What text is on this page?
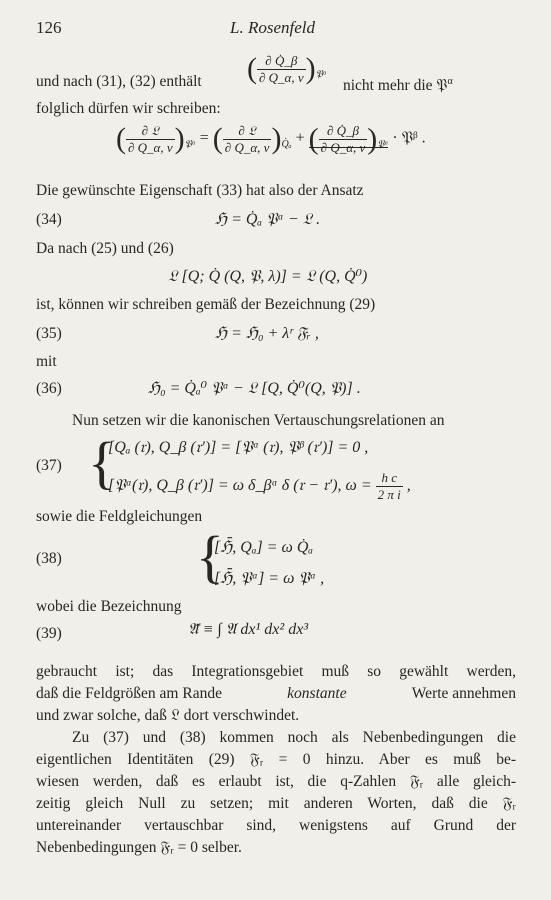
126	L. Rosenfeld
und nach (31), (32) enthält ( $\frac{\partial Q̇\_\beta}{\partial Q\_\alpha, \nu} )_{𝔓ᵅ}$
nicht mehr die 𝔓$^\alpha$
folglich dürfen wir schreiben:
( $\frac{\text{∂ 𝔏}}{\partial Q\_\alpha, \nu} )_{𝔓ᵅ}$ = ( $\frac{\text{∂ 𝔏}}{\partial Q\_\alpha, \nu} )_{Q̇_a}$ + ( $\frac{\partial Q̇\_\beta}{\partial Q\_\alpha, \nu} )_{𝔓ᵅ}$ · 𝔓ᵝ .
Die gewünschte Eigenschaft (33) hat also der Ansatz
(34)	ℌ = Q̇ₐ 𝔓ᵅ − 𝔏 .
Da nach (25) und (26)
𝔏 [Q; Q̇ (Q, 𝔓, λ)] = 𝔏 (Q, Q̇⁰)
ist, können wir schreiben gemäß der Bezeichnung (29)
(35)	ℌ = ℌ₀ + λʳ 𝔉ᵣ ,
mit
(36)	ℌ₀ = Q̇ₐ⁰ 𝔓ᵅ − 𝔏 [Q, Q̇⁰(Q, 𝔓)] .
Nun setzen wir die kanonischen Vertauschungsrelationen an
(37) {
[Qₐ (𝔯), Q_β (𝔯′)] = [𝔓ᵅ (𝔯), 𝔓ᵝ (𝔯′)] = 0 ,
[𝔓ᵅ(𝔯), Q_β (𝔯′)] = ω δ_βᵅ δ (𝔯 − 𝔯′), $\omega = \frac{\text{h c}}{\text{2 π i}}$ ,
sowie die Feldgleichungen
(38) {
[ℌ̄, Qₐ] = ω Q̇ₐ
[ℌ̄, 𝔓ᵅ] = ω 𝔓̇ᵅ ,
wobei die Bezeichnung
(39)	𝔄̄ ≡ ∫ 𝔄 dx¹ dx² dx³
gebraucht ist; das Integrationsgebiet muß so gewählt werden,
daß die Feldgrößen am Rande	konstante	Werte annehmen
und zwar solche, daß 𝔏 dort verschwindet.
Zu (37) und (38) kommen noch als Nebenbedingungen die
eigentlichen Identitäten (29) 𝔉ᵣ = 0 hinzu. Aber es muß be-
wiesen werden, daß es erlaubt ist, die q-Zahlen 𝔉ᵣ alle gleich-
zeitig gleich Null zu setzen; mit anderen Worten, daß die 𝔉ᵣ
untereinander vertauschbar sind, wenigstens auf Grund der
Nebenbedingungen 𝔉ᵣ = 0 selber.
